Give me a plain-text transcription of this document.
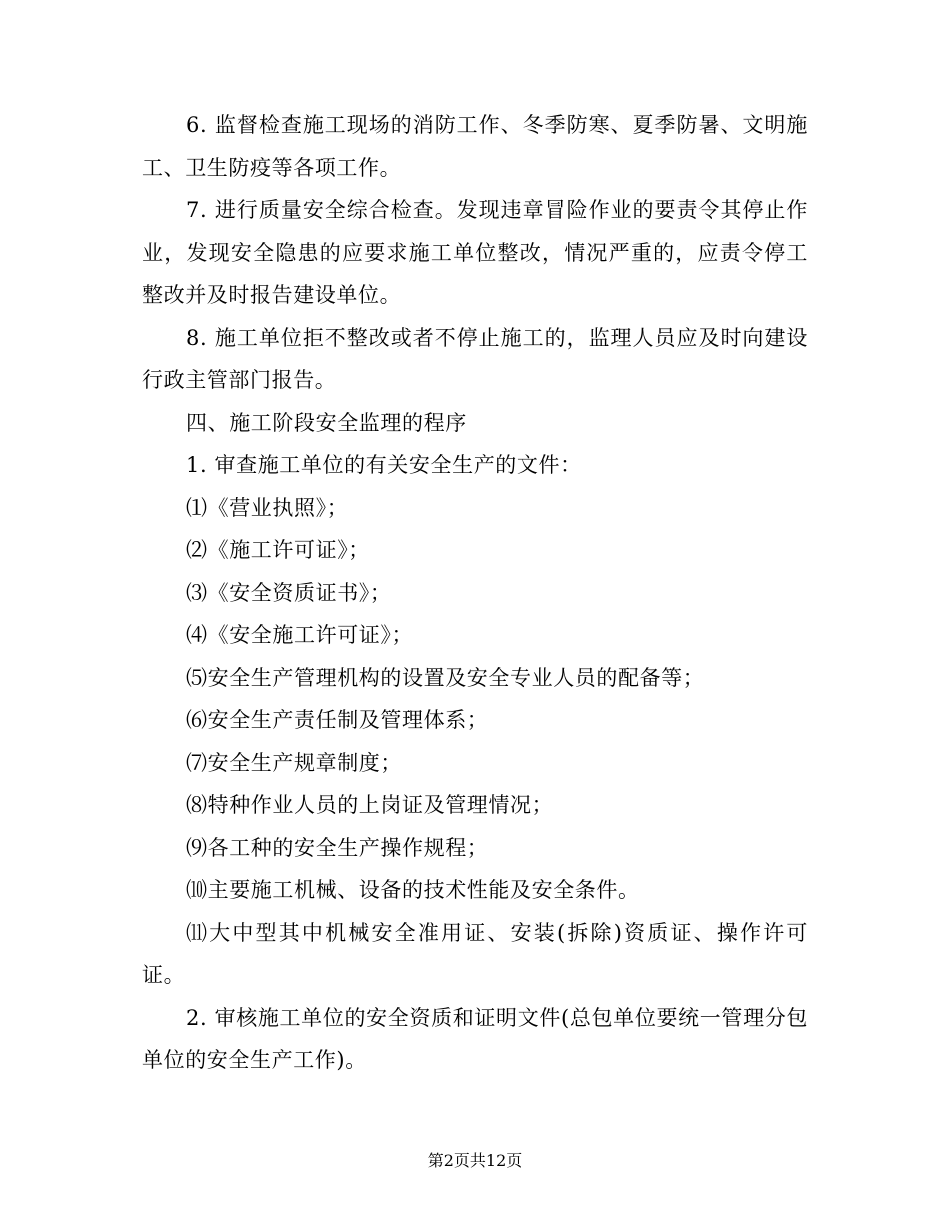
6. 监督检查施工现场的消防工作、冬季防寒、夏季防暑、文明施工、卫生防疫等各项工作。

7. 进行质量安全综合检查。发现违章冒险作业的要责令其停止作业，发现安全隐患的应要求施工单位整改，情况严重的，应责令停工整改并及时报告建设单位。

8. 施工单位拒不整改或者不停止施工的，监理人员应及时向建设行政主管部门报告。

四、施工阶段安全监理的程序

1. 审查施工单位的有关安全生产的文件：

⑴《营业执照》；

⑵《施工许可证》；

⑶《安全资质证书》；

⑷《安全施工许可证》；

⑸安全生产管理机构的设置及安全专业人员的配备等；

⑹安全生产责任制及管理体系；

⑺安全生产规章制度；

⑻特种作业人员的上岗证及管理情况；

⑼各工种的安全生产操作规程；

⑽主要施工机械、设备的技术性能及安全条件。

⑾大中型其中机械安全准用证、安装(拆除)资质证、操作许可证。

2. 审核施工单位的安全资质和证明文件(总包单位要统一管理分包单位的安全生产工作)。

第2页共12页
